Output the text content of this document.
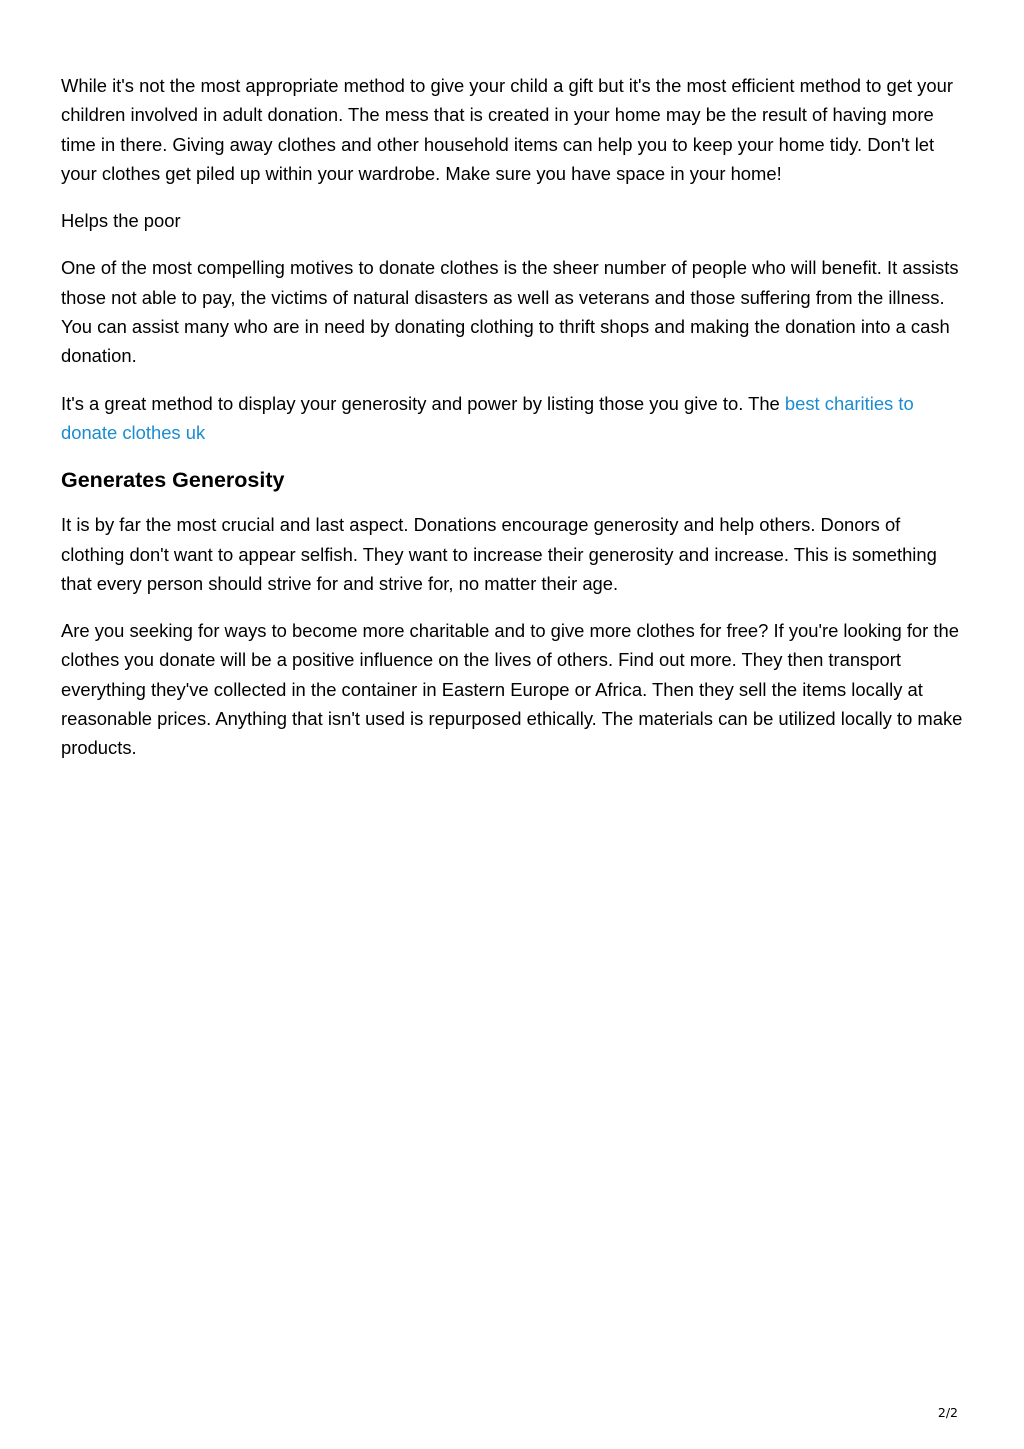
While it's not the most appropriate method to give your child a gift but it's the most efficient method to get your children involved in adult donation. The mess that is created in your home may be the result of having more time in there. Giving away clothes and other household items can help you to keep your home tidy. Don't let your clothes get piled up within your wardrobe. Make sure you have space in your home!

Helps the poor

One of the most compelling motives to donate clothes is the sheer number of people who will benefit. It assists those not able to pay, the victims of natural disasters as well as veterans and those suffering from the illness. You can assist many who are in need by donating clothing to thrift shops and making the donation into a cash donation.

It's a great method to display your generosity and power by listing those you give to. The best charities to donate clothes uk

Generates Generosity

It is by far the most crucial and last aspect. Donations encourage generosity and help others. Donors of clothing don't want to appear selfish. They want to increase their generosity and increase. This is something that every person should strive for and strive for, no matter their age.

Are you seeking for ways to become more charitable and to give more clothes for free? If you're looking for the clothes you donate will be a positive influence on the lives of others. Find out more. They then transport everything they've collected in the container in Eastern Europe or Africa. Then they sell the items locally at reasonable prices. Anything that isn't used is repurposed ethically. The materials can be utilized locally to make products.

2/2
